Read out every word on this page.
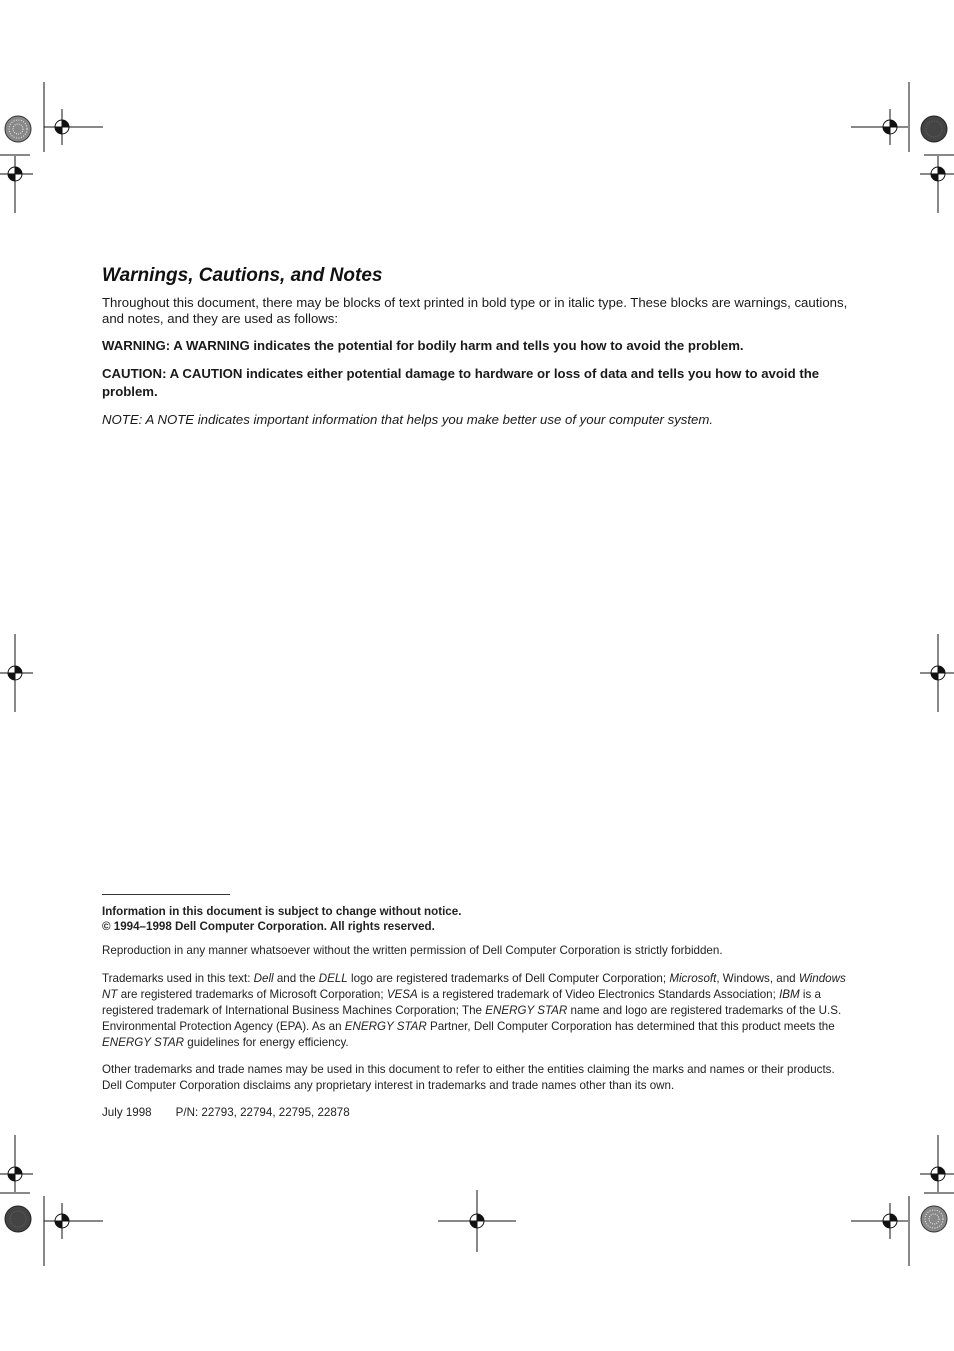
Warnings, Cautions, and Notes

Throughout this document, there may be blocks of text printed in bold type or in italic type. These blocks are warnings, cautions, and notes, and they are used as follows:

WARNING: A WARNING indicates the potential for bodily harm and tells you how to avoid the problem.

CAUTION: A CAUTION indicates either potential damage to hardware or loss of data and tells you how to avoid the problem.

NOTE: A NOTE indicates important information that helps you make better use of your computer system.

Information in this document is subject to change without notice.

© 1994–1998 Dell Computer Corporation. All rights reserved.

Reproduction in any manner whatsoever without the written permission of Dell Computer Corporation is strictly forbidden.

Trademarks used in this text: Dell and the DELL logo are registered trademarks of Dell Computer Corporation; Microsoft, Windows, and Windows NT are registered trademarks of Microsoft Corporation; VESA is a registered trademark of Video Electronics Standards Association; IBM is a registered trademark of International Business Machines Corporation; The ENERGY STAR name and logo are registered trademarks of the U.S. Environmental Protection Agency (EPA). As an ENERGY STAR Partner, Dell Computer Corporation has determined that this product meets the ENERGY STAR guidelines for energy efficiency.

Other trademarks and trade names may be used in this document to refer to either the entities claiming the marks and names or their products. Dell Computer Corporation disclaims any proprietary interest in trademarks and trade names other than its own.

July 1998 P/N: 22793, 22794, 22795, 22878
